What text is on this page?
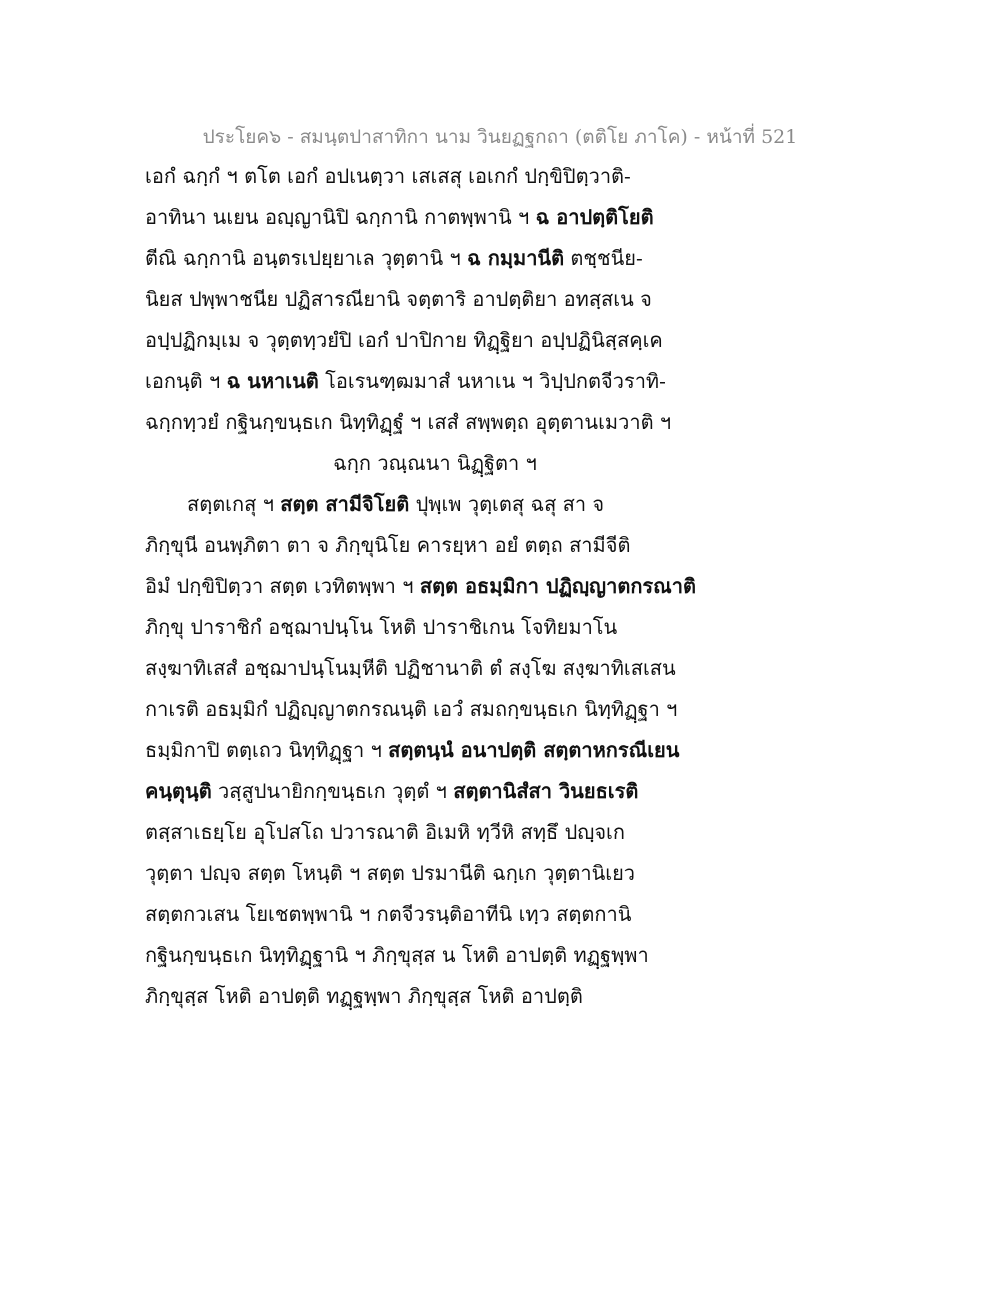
ประโยค๖ - สมนฺตปาสาทิกา นาม วินยฏฐกถา (ตติโย ภาโค) - หน้าที่ 521
เอกํ ฉกฺกํ ฯ ตโต เอกํ อปเนตฺวา เสเสสุ เอเกกํ ปกฺขิปิตฺวาติ-
อาทินา นเยน อญฺญานิปิ ฉกฺกานิ กาตพฺพานิ ฯ ฉ อาปตฺติโยติ
ตีณิ ฉกฺกานิ อนฺตรเปยฺยาเล วุตฺตานิ ฯ ฉ กมฺมานีติ ตชฺชนีย-
นิยส ปพฺพาชนีย ปฏิสารณียานิ จตฺตาริ อาปตฺติยา อทสฺสเน จ
อปฺปฏิกมฺเม จ วุตฺตทฺวยํปิ เอกํ ปาปิกาย ทิฏฺฐิยา อปฺปฏินิสฺสคฺเค
เอกนฺติ ฯ ฉ นหาเนติ โอเรนฑฺฒมาสํ นหาเน ฯ วิปฺปกตจีวราทิ-
ฉกฺกทฺวยํ กฐินกฺขนฺธเก นิทฺทิฏฺฐํ ฯ เสสํ สพฺพตฺถ อุตฺตานเมวาติ ฯ
ฉกฺก วณฺณนา นิฏฺฐิตา ฯ
สตฺตเกสุ ฯ สตฺต สามีจิโยติ ปุพฺเพ วุตฺเตสุ ฉสุ สา จ
ภิกฺขุนี อนพฺภิตา ตา จ ภิกฺขุนิโย คารยฺหา อยํ ตตฺถ สามีจีติ
อิมํ ปกฺขิปิตฺวา สตฺต เวทิตพฺพา ฯ สตฺต อธมฺมิกา ปฏิญฺญาตกรณาติ
ภิกฺขุ ปาราชิกํ อชฺฌาปนฺโน โหติ ปาราชิเกน โจทิยมาโน
สงฺฆาทิเสสํ อชฺฌาปนฺโนมฺหีติ ปฏิชานาติ ตํ สงฺโฆ สงฺฆาทิเสเสน
กาเรติ อธมฺมิกํ ปฏิญฺญาตกรณนฺติ เอวํ สมถกฺขนฺธเก นิทฺทิฏฺฐา ฯ
ธมฺมิกาปิ ตตฺเถว นิทฺทิฏฺฐา ฯ สตฺตนฺนํ อนาปตฺติ สตฺตาหกรณีเยน
คนฺตุนฺติ วสฺสูปนายิกกฺขนฺธเก วุตฺตํ ฯ สตฺตานิสํสา วินยธเรติ
ตสฺสาเธยฺโย อุโปสโถ ปวารณาติ อิเมหิ ทฺวีหิ สทฺธึ ปญฺจเก
วุตฺตา ปญฺจ สตฺต โหนฺติ ฯ สตฺต ปรมานีติ ฉกฺเก วุตฺตานิเยว
สตฺตกวเสน โยเชตพฺพานิ ฯ กตจีวรนฺติอาทีนิ เทฺว สตฺตกานิ
กฐินกฺขนฺธเก นิทฺทิฏฺฐานิ ฯ ภิกฺขุสฺส น โหติ อาปตฺติ ทฏฺฐพฺพา
ภิกฺขุสฺส โหติ อาปตฺติ ทฏฺฐพฺพา ภิกฺขุสฺส โหติ อาปตฺติ
